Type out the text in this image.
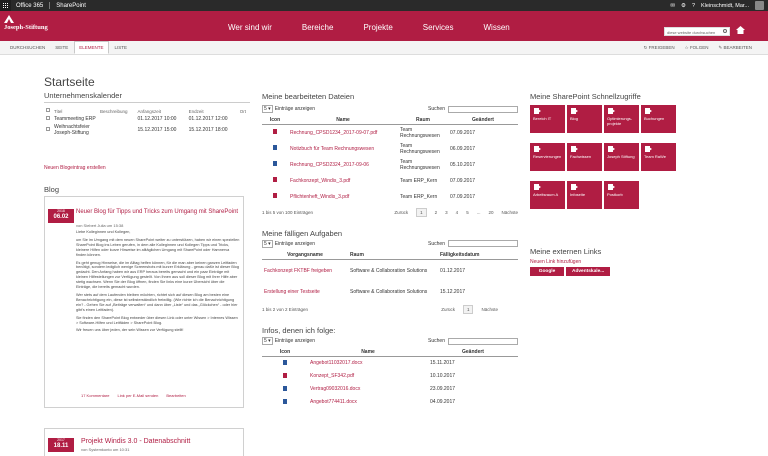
Office 365 SharePoint	✉ ⚙ ? Kleinschmidt, Mar...
Joseph-Stiftung	Wer sind wir	Bereiche	Projekte	Services	Wissen
diese website durchsuchen
DURCHSUCHEN	SEITE	ELEMENTE	LISTE	↻ FREIGEBEN ☆ FOLGEN ✎ BEARBEITEN
Startseite
Unternehmenskalender
	Titel	Beschreibung	Anfangszeit	Endzeit	Ort
	Teammeeting ERP		01.12.2017 10:00	01.12.2017 12:00	
	Weihnachtsfeier Joseph-Stiftung		15.12.2017 15:00	15.12.2017 18:00	
Neuen Blogeintrag erstellen
Blog
2018
06.02
Neuer Blog für Tipps und Tricks zum Umgang mit SharePoint
von Siebert Julia um 15:38

Liebe Kolleginnen und Kollegen,

um Sie im Umgang mit dem neuen SharePoint weiter zu unterstützen, haben wir einen speziellen SharePoint Blog ins Leben gerufen, in dem alle Kolleginnen und Kollegen Tipps und Tricks, kleinere Hilfen oder kurze Hinweise im alltäglichen Umgang mit SharePoint oder Hamnerva finden können.

Es geht genug Hinweise, die im Alltag helfen können, für die man aber keinen ganzen Leitfaden benötigt, sondern lediglich wenige Screenshots mit kurzer Erklärung - genau dafür ist dieser Blog gedacht. Den Anfang haben wir aus ERP heraus bereits gemacht und ein paar Einträge mit kleinen Hilfestellungen zur Verfügung gestellt. Von Ihnen aus soll dieser Blog mit Ihrer Hilfe aber stetig wachsen. Wenn Sie der Blog öffnen, finden Sie links eine kurze Übersicht über die Einträge, die bereits gemacht wurden.

Wer stets auf dem Laufenden bleiben möchten, richtet sich auf diesen Blog am besten eine Benachrichtigung ein, diese ist selbsterständlich freiwillig. (Wie richte ich die Benachrichtigung ein? - Gehen Sie auf „Beiträge verwalten“ und dann über „Liste“ und das „Glöckchen“ - oder hier gibt's einen Leitfaden).

Sie finden den SharePoint Blog entweder über diesen Link oder unter Wissen > Internes Wissen > Software-Hilfen und Leitfäden > SharePoint Blog.

Wir freuen uns über jeden, der sein Wissen zur Verfügung stellt!

17 Kommentare Link per E-Mail senden Bearbeiten
2017
18.11
Projekt Windis 3.0 - Datenabschnitt
von Systemkonto um 10:31
Meine bearbeiteten Dateien
5 ▾ Einträge anzeigen	Suchen
Icon	Name	Raum	Geändert
	Rechnung_CPSD1234_2017-09-07.pdf	Team Rechnungswesen	07.09.2017
	Notizbuch für Team Rechnungswesen	Team Rechnungswesen	06.09.2017
	Rechnung_CPSD2324_2017-09-06	Team Rechnungswesen	05.10.2017
	Fachkonzept_Windis_3.pdf	Team ERP_Kern	07.09.2017
	Pflichtenheft_Windis_3.pdf	Team ERP_Kern	07.09.2017
1 bis 5 von 100 Einträgen	Zurück	1	2 3 4 5 ... 20 Nächste
Meine fälligen Aufgaben
5 ▾ Einträge anzeigen	Suchen
Vorgangsname	Raum	Fälligkeitsdatum
Fachkonzept FKTBF freigeben	Software & Collaboration Solutions	01.12.2017
Erstellung einer Testseite	Software & Collaboration Solutions	15.12.2017
1 bis 2 von 2 Einträgen	Zurück	1	Nächste
Infos, denen ich folge:
5 ▾ Einträge anzeigen	Suchen
Icon	Name	Geändert
	Angebot11032017.docx	15.11.2017
	Konzept_SF342.pdf	10.10.2017
	Vertrag09032016.docx	23.09.2017
	Angebot774411.docx	04.09.2017
Meine SharePoint Schnellzugriffe
Bereich IT	Blog	Optimierungs-projekte
Buchungen
Reservierungen Fachwissen	Joseph Stiftung Team RaWe
Arbeitsraum A	Infoseite	Postkorb
Meine externen Links
Neuen Link hinzufügen
Google	Adventskale...
